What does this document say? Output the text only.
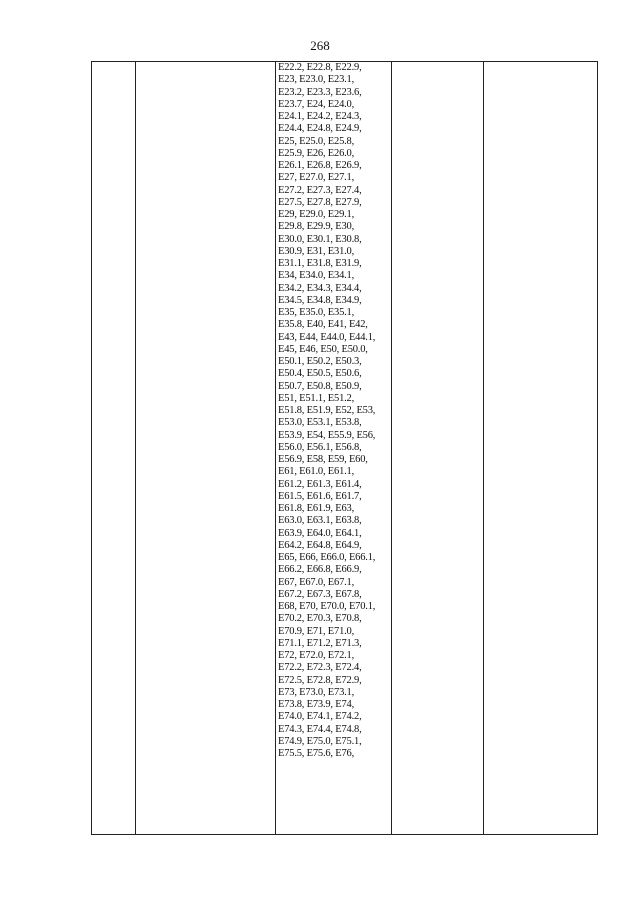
268

E22.2, E22.8, E22.9,
E23, E23.0, E23.1,
E23.2, E23.3, E23.6,
E23.7, E24, E24.0,
E24.1, E24.2, E24.3,
E24.4, E24.8, E24.9,
E25, E25.0, E25.8,
E25.9, E26, E26.0,
E26.1, E26.8, E26.9,
E27, E27.0, E27.1,
E27.2, E27.3, E27.4,
E27.5, E27.8, E27.9,
E29, E29.0, E29.1,
E29.8, E29.9, E30,
E30.0, E30.1, E30.8,
E30.9, E31, E31.0,
E31.1, E31.8, E31.9,
E34, E34.0, E34.1,
E34.2, E34.3, E34.4,
E34.5, E34.8, E34.9,
E35, E35.0, E35.1,
E35.8, E40, E41, E42,
E43, E44, E44.0, E44.1,
E45, E46, E50, E50.0,
E50.1, E50.2, E50.3,
E50.4, E50.5, E50.6,
E50.7, E50.8, E50.9,
E51, E51.1, E51.2,
E51.8, E51.9, E52, E53,
E53.0, E53.1, E53.8,
E53.9, E54, E55.9, E56,
E56.0, E56.1, E56.8,
E56.9, E58, E59, E60,
E61, E61.0, E61.1,
E61.2, E61.3, E61.4,
E61.5, E61.6, E61.7,
E61.8, E61.9, E63,
E63.0, E63.1, E63.8,
E63.9, E64.0, E64.1,
E64.2, E64.8, E64.9,
E65, E66, E66.0, E66.1,
E66.2, E66.8, E66.9,
E67, E67.0, E67.1,
E67.2, E67.3, E67.8,
E68, E70, E70.0, E70.1,
E70.2, E70.3, E70.8,
E70.9, E71, E71.0,
E71.1, E71.2, E71.3,
E72, E72.0, E72.1,
E72.2, E72.3, E72.4,
E72.5, E72.8, E72.9,
E73, E73.0, E73.1,
E73.8, E73.9, E74,
E74.0, E74.1, E74.2,
E74.3, E74.4, E74.8,
E74.9, E75.0, E75.1,
E75.5, E75.6, E76,
